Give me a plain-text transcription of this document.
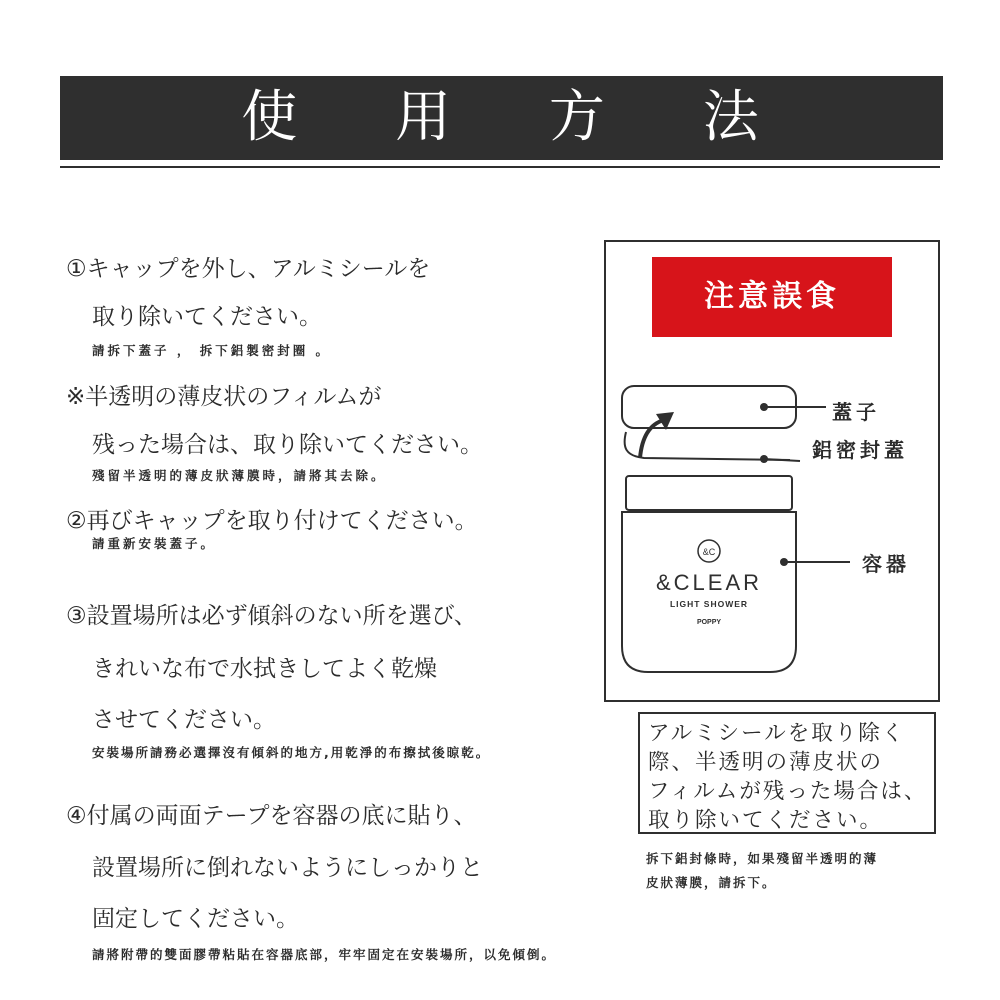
使 用 方 法
①キャップを外し、アルミシールを
取り除いてください。
請拆下蓋子 ， 拆下鋁製密封圈 。
※半透明の薄皮状のフィルムが
残った場合は、取り除いてください。
殘留半透明的薄皮狀薄膜時，請將其去除。
②再びキャップを取り付けてください。
請重新安裝蓋子。
③設置場所は必ず傾斜のない所を選び、
きれいな布で水拭きしてよく乾燥
させてください。
安裝場所請務必選擇沒有傾斜的地方,用乾淨的布擦拭後晾乾。
④付属の両面テープを容器の底に貼り、
設置場所に倒れないようにしっかりと
固定してください。
請將附帶的雙面膠帶粘貼在容器底部，牢牢固定在安裝場所，以免傾倒。
注意誤食
&C
&CLEAR
LIGHT SHOWER
POPPY
蓋子
鋁密封蓋
容器
アルミシールを取り除く
際、半透明の薄皮状の
フィルムが残った場合は、
取り除いてください。
拆下鋁封條時，如果殘留半透明的薄
皮狀薄膜，請拆下。
